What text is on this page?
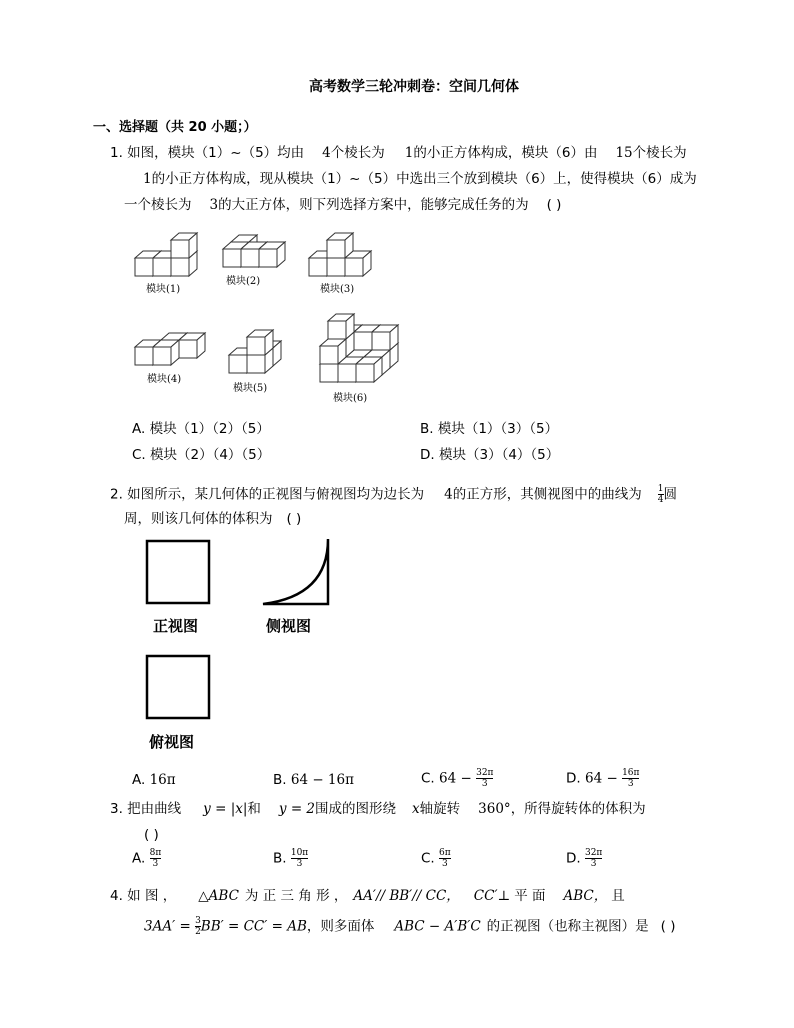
高考数学三轮冲刺卷：空间几何体
一、选择题（共 20 小题；）
1. 如图，模块（1）~（5）均由 4个棱长为 1的小正方体构成，模块（6）由 15个棱长为
1的小正方体构成，现从模块（1）~（5）中选出三个放到模块（6）上，使得模块（6）成为
一个棱长为 3的大正方体，则下列选择方案中，能够完成任务的为 ( )
模块(1)
模块(2)
模块(3)
模块(4)
模块(5)
模块(6)
A. 模块（1）（2）（5）	B. 模块（1）（3）（5）
C. 模块（2）（4）（5）	D. 模块（3）（4）（5）
2. 如图所示，某几何体的正视图与俯视图均为边长为 4的正方形，其侧视图中的曲线为 $\frac{1}{4}$ 圆
周，则该几何体的体积为 ( )
正视图	侧视图
俯视图
A. 16π	B. 64 − 16π	C. $64 - \frac{32\pi}{3}$	D. $64 - \frac{16\pi}{3}$
3. 把由曲线 y = |x|和 y = 2围成的图形绕 x轴旋转 360°，所得旋转体的体积为
( )
A. $\frac{8\pi}{3}$	B. $\frac{10\pi}{3}$	C. $\frac{6\pi}{3}$	D. $\frac{32\pi}{3}$
4. 如 图 ， △ABC 为 正 三 角 形 ， AA′// BB′// CC， CC′⊥ 平 面 ABC， 且
$3AA' = \frac{3}{2} BB' = CC'$ = AB，则多面体 ABC − A′B′C 的正视图（也称主视图）是 ( )
